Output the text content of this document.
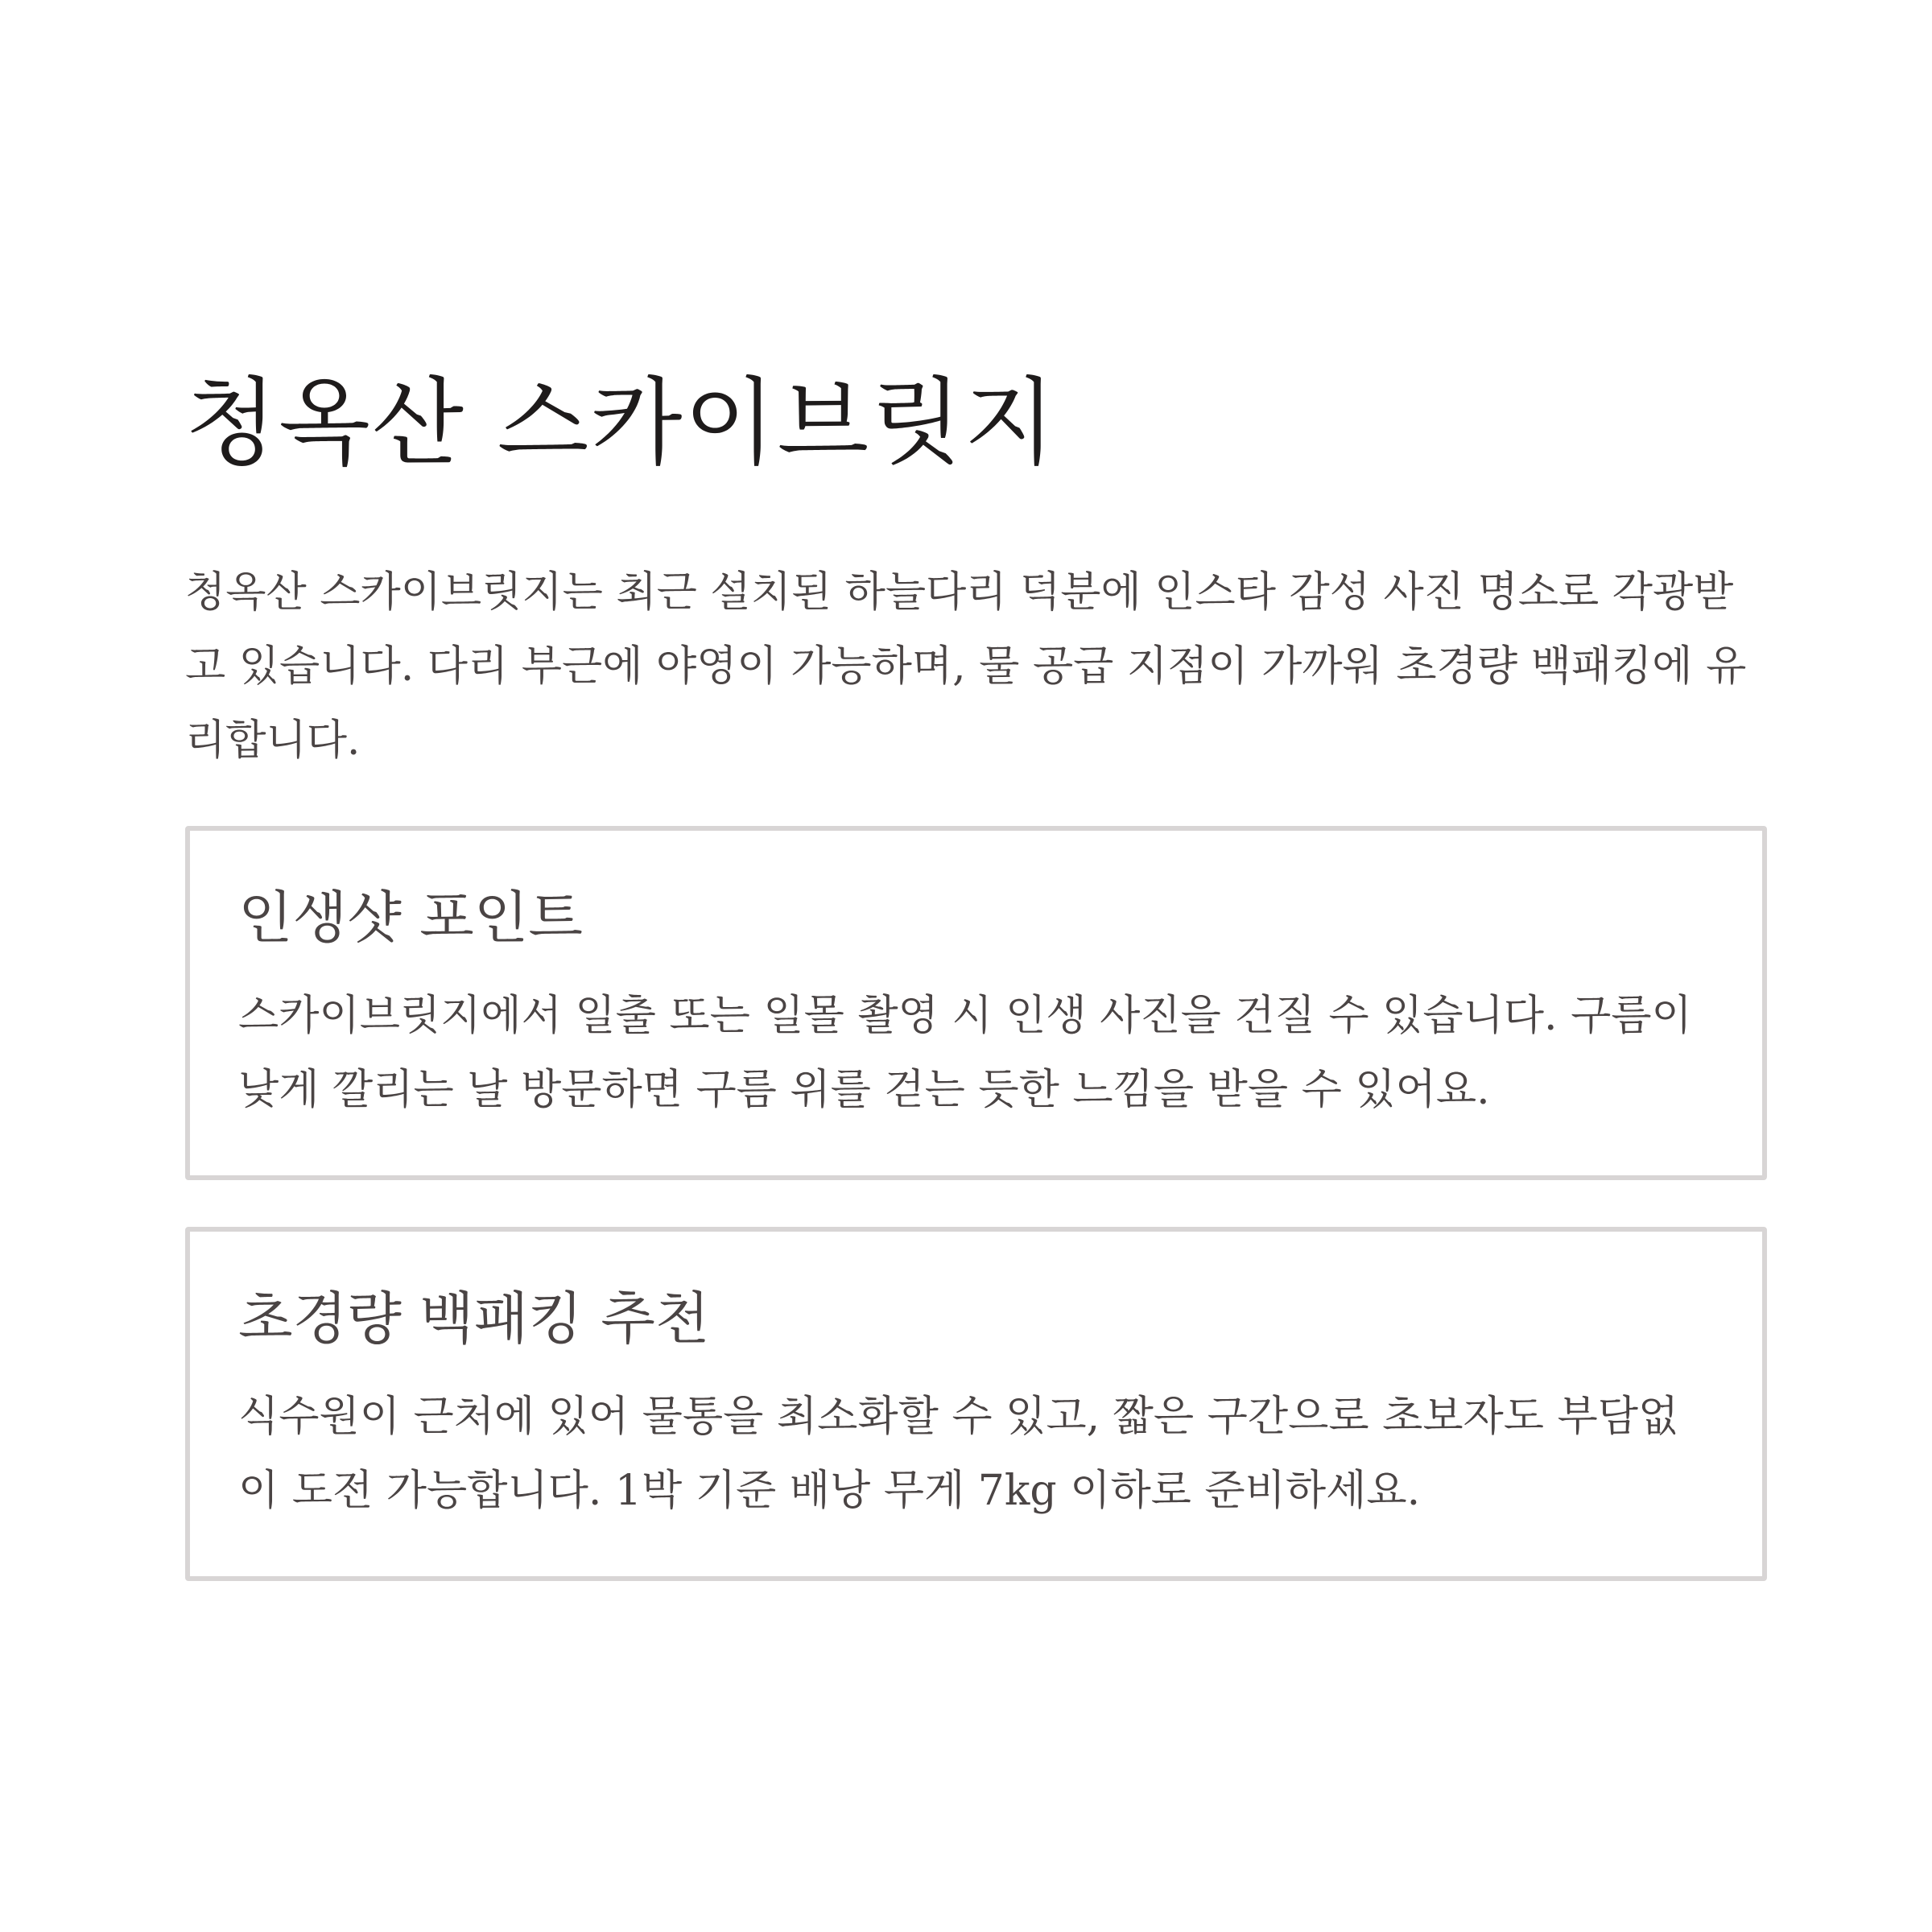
청옥산 스카이브릿지

청옥산 스카이브릿지는 최근 설치된 하늘다리 덕분에 인스타 감성 사진 명소로 각광받고 있습니다. 다리 부근에 야영이 가능하며, 물 공급 지점이 가까워 초경량 백패킹에 유리합니다.

인생샷 포인트

스카이브릿지에서 일출 또는 일몰 촬영 시 인생 사진을 건질 수 있습니다. 구름이 낮게 깔리는 날 방문하면 구름 위를 걷는 듯한 느낌을 받을 수 있어요.

초경량 백패킹 추천

식수원이 근처에 있어 물통을 최소화할 수 있고, 짧은 구간으로 초보자도 부담없이 도전 가능합니다. 1박 기준 배낭 무게 7kg 이하로 준비하세요.
